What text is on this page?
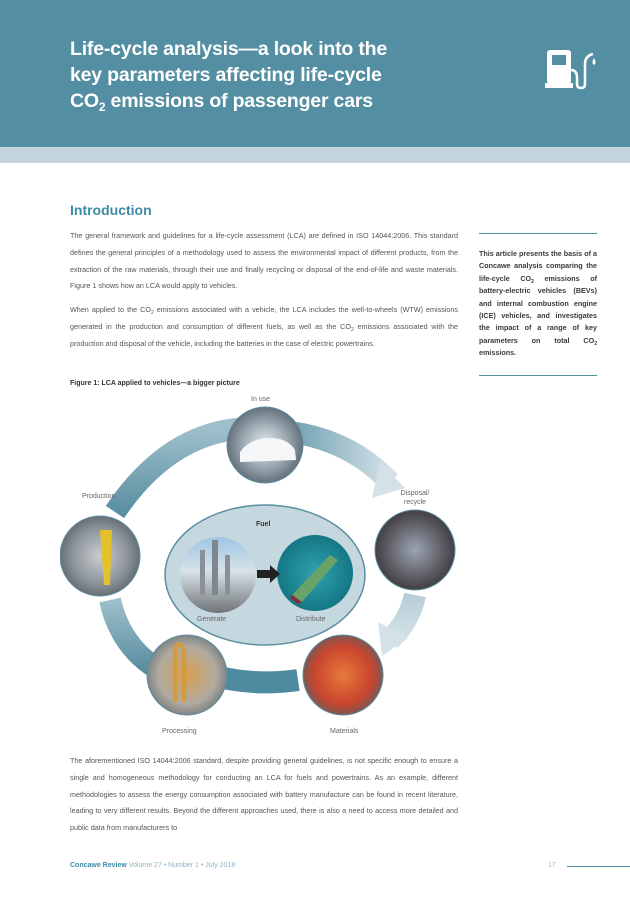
Life-cycle analysis—a look into the
key parameters affecting life-cycle
$CO_2$ emissions of passenger cars
Introduction

The general framework and guidelines for a life-cycle assessment (LCA) are defined in ISO 14044:2006. This standard defines the general principles of a methodology used to assess the environmental impact of different products, from the extraction of the raw materials, through their use and finally recycling or disposal of the end-of-life and waste materials. Figure 1 shows how an LCA would apply to vehicles.

When applied to the $CO_2$ emissions associated with a vehicle, the LCA includes the well-to-wheels (WTW) emissions generated in the production and consumption of different fuels, as well as the $CO_2$ emissions associated with the production and disposal of the vehicle, including the batteries in the case of electric powertrains.

This article presents the basis of a Concawe analysis comparing the life-cycle $CO_2$ emissions of battery-electric vehicles (BEVs) and internal combustion engine (ICE) vehicles, and investigates the impact of a range of key parameters on total $CO_2$ emissions.

Figure 1: LCA applied to vehicles—a bigger picture
In use
Production	Disposal/
recycle
Fuel
Generate	Distribute
Processing	Materials

The aforementioned ISO 14044:2006 standard, despite providing general guidelines, is not specific enough to ensure a single and homogeneous methodology for conducting an LCA for fuels and powertrains. As an example, different methodologies to assess the energy consumption associated with battery manufacture can be found in recent literature, leading to very different results. Beyond the different approaches used, there is also a need to access more detailed and public data from manufacturers to

Concawe Review Volume 27 • Number 1 • July 2018	17
